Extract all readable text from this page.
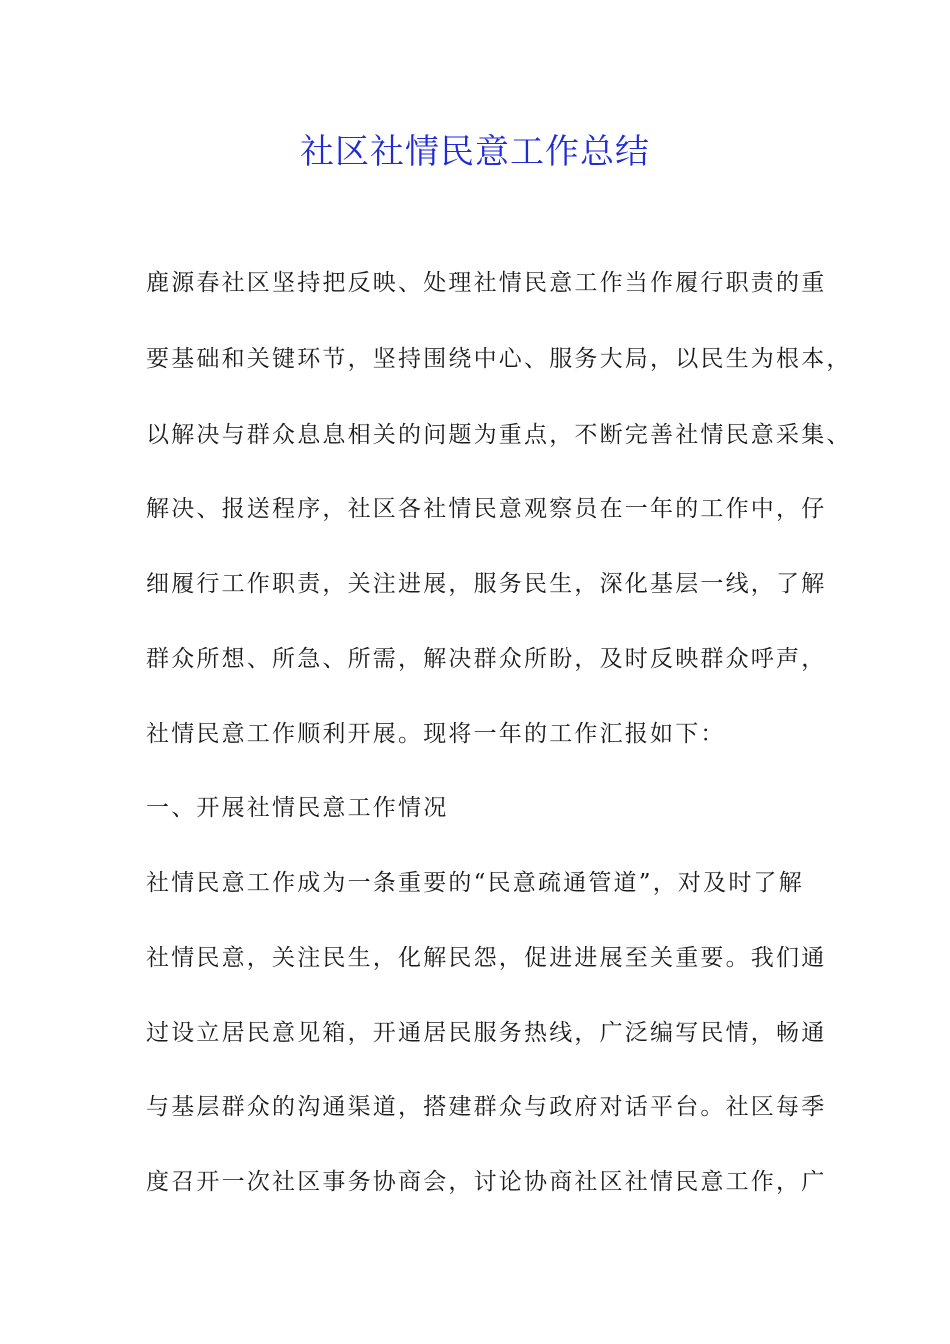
社区社情民意工作总结

鹿源春社区坚持把反映、处理社情民意工作当作履行职责的重

要基础和关键环节，坚持围绕中心、服务大局，以民生为根本，

以解决与群众息息相关的问题为重点，不断完善社情民意采集、

解决、报送程序，社区各社情民意观察员在一年的工作中，仔

细履行工作职责，关注进展，服务民生，深化基层一线，了解

群众所想、所急、所需，解决群众所盼，及时反映群众呼声，

社情民意工作顺利开展。现将一年的工作汇报如下：

一、开展社情民意工作情况

社情民意工作成为一条重要的“民意疏通管道”，对及时了解

社情民意，关注民生，化解民怨，促进进展至关重要。我们通

过设立居民意见箱，开通居民服务热线，广泛编写民情，畅通

与基层群众的沟通渠道，搭建群众与政府对话平台。社区每季

度召开一次社区事务协商会，讨论协商社区社情民意工作，广
